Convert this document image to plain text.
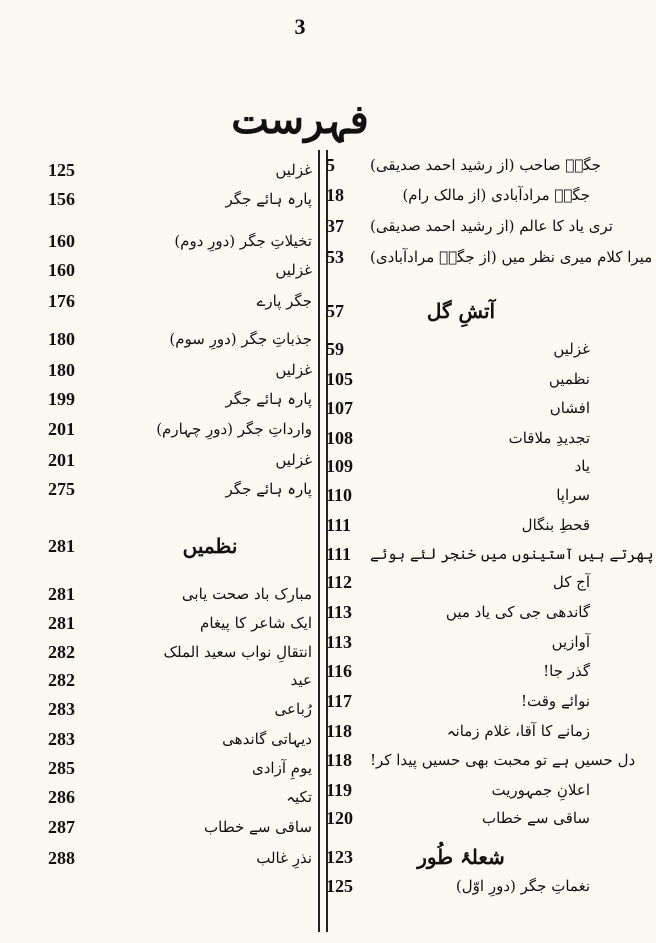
3
فہرست
5	جگرؔ صاحب (از رشید احمد صدیقی)
18	جگرؔ مرادآبادی (از مالک رام)
37	تری یاد کا عالم (از رشید احمد صدیقی)
53	میرا کلام میری نظر میں (از جگرؔ مرادآبادی)
57	آتشِ گل
59	غزلیں
105	نظمیں
107	افشاں
108	تجدیدِ ملاقات
109	یاد
110	سراپا
111	قحطِ بنگال
111	پھرتے ہیں آستینوں میں خنجر لئے ہوئے
112	آج کل
113	گاندھی جی کی یاد میں
113	آوازیں
116	گذر جا!
117	نوائے وقت!
118	زمانے کا آقا، غلام زمانہ
118	دل حسیں ہے تو محبت بھی حسیں پیدا کر!
119	اعلانِ جمہوریت
120	ساقی سے خطاب
123	شعلۂ طُور
125	نغماتِ جگر (دورِ اوّل)
125	غزلیں
156	پارہ ہائے جگر
160	تخیلاتِ جگر (دورِ دوم)
160	غزلیں
176	جگر پارے
180	جذباتِ جگر (دورِ سوم)
180	غزلیں
199	پارہ ہائے جگر
201	وارداتِ جگر (دورِ چہارم)
201	غزلیں
275	پارہ ہائے جگر
281	نظمیں
281	مبارک باد صحت یابی
281	ایک شاعر کا پیغام
282	انتقالِ نواب سعید الملک
282	عید
283	رُباعی
283	دیہاتی گاندھی
285	یومِ آزادی
286	تکیہ
287	ساقی سے خطاب
288	نذرِ غالب
